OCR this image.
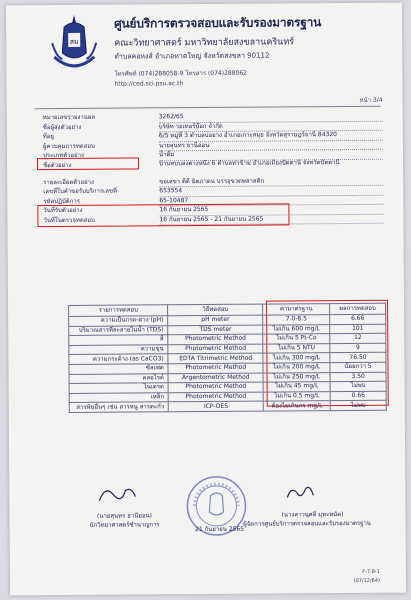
สม
ศูนย์บริการตรวจสอบและรับรองมาตรฐาน
คณะวิทยาศาสตร์ มหาวิทยาลัยสงขลานครินทร์
ตำบลคอหงส์ อำเภอหาดใหญ่ จังหวัดสงขลา 90112
โทรศัพท์ (074)288058-9 โทรสาร (074)288062
http://ced.sci.psu.ac.th
หน้า 3/4
หมายเลขรายงานผล	3262/65
ชื่อผู้ส่งตัวอย่าง	บริษัท วอเทอร์บ๊อก จำกัด
ที่อยู่	6/5 หมู่ที่ 3 ตำบลบ่อยาง อำเภอเกาะสมุย จังหวัดสุราษฎร์ธานี 84320
ผู้ควบคุมการทดสอบ	นายสุนทร ธานีอ่อน
ประเภทตัวอย่าง	น้ำดื่ม
ชื่อตัวอย่าง	บ้านทบบลงต่างหนึ่ง 6 ตำบลท่าข้าม อำเภอเมืองปัตตานี จังหวัดปัตตานี
รายละเอียดตัวอย่าง	ขอเลขา ดีดี มิตภาดน บรรจุขวดพลาสติก
เลขที่ใบคำขอรับบริการเลขที่	653554
รหัสปฏิบัติการ	65-10487
วันที่รับตัวอย่าง	16 กันยายน 2565
วันที่ในตรวจทดสอบ	16 กันยายน 2565 - 21 กันยายน 2565
รายการทดสอบ	วิธีทดสอบ	ค่ามาตรฐาน	ผลการทดสอบ
ความเป็นกรด-ด่าง (pH)	pH meter	7.0-8.5	6.66
ปริมาณสารที่ละลายในน้ำ (TDS)	TDS meter	ไม่เกิน 600 mg/L	101
สี	Photometric Method	ไม่เกิน 5 Pt-Co	12
ความขุ่น	Photometric Method	ไม่เกิน 5 NTU	9
ความกระด้าง (as CaCO3)	EDTA Titrimetric Method	ไม่เกิน 300 mg/L	76.50
ซัลเฟต	Photometric Method	ไม่เกิน 200 mg/L	น้อยกว่า 5
คลอไรด์	Argentometric Method	ไม่เกิน 250 mg/L	3.50
ไนเตรต	Photometric Method	ไม่เกิน 45 mg/L	ไม่พบ
เหล็ก	Photometric Method	ไม่เกิน 0.5 mg/L	0.66
สารพิษอื่นๆ เช่น สารหนู สารตะกั่ว	ICP-OES	ต้องไม่เกินกร mg/L	ไม่พบ
(นายสุนทร ธานีอ่อน)
นักวิทยาศาสตร์ชำนาญการ
(นางสาวนุศลี มุหะหมัด)
ผู้จัดการศูนย์บริการตรวจสอบและรับรองมาตรฐาน
21 กันยายน 2565
F-7.8-1
(07/12/64)
